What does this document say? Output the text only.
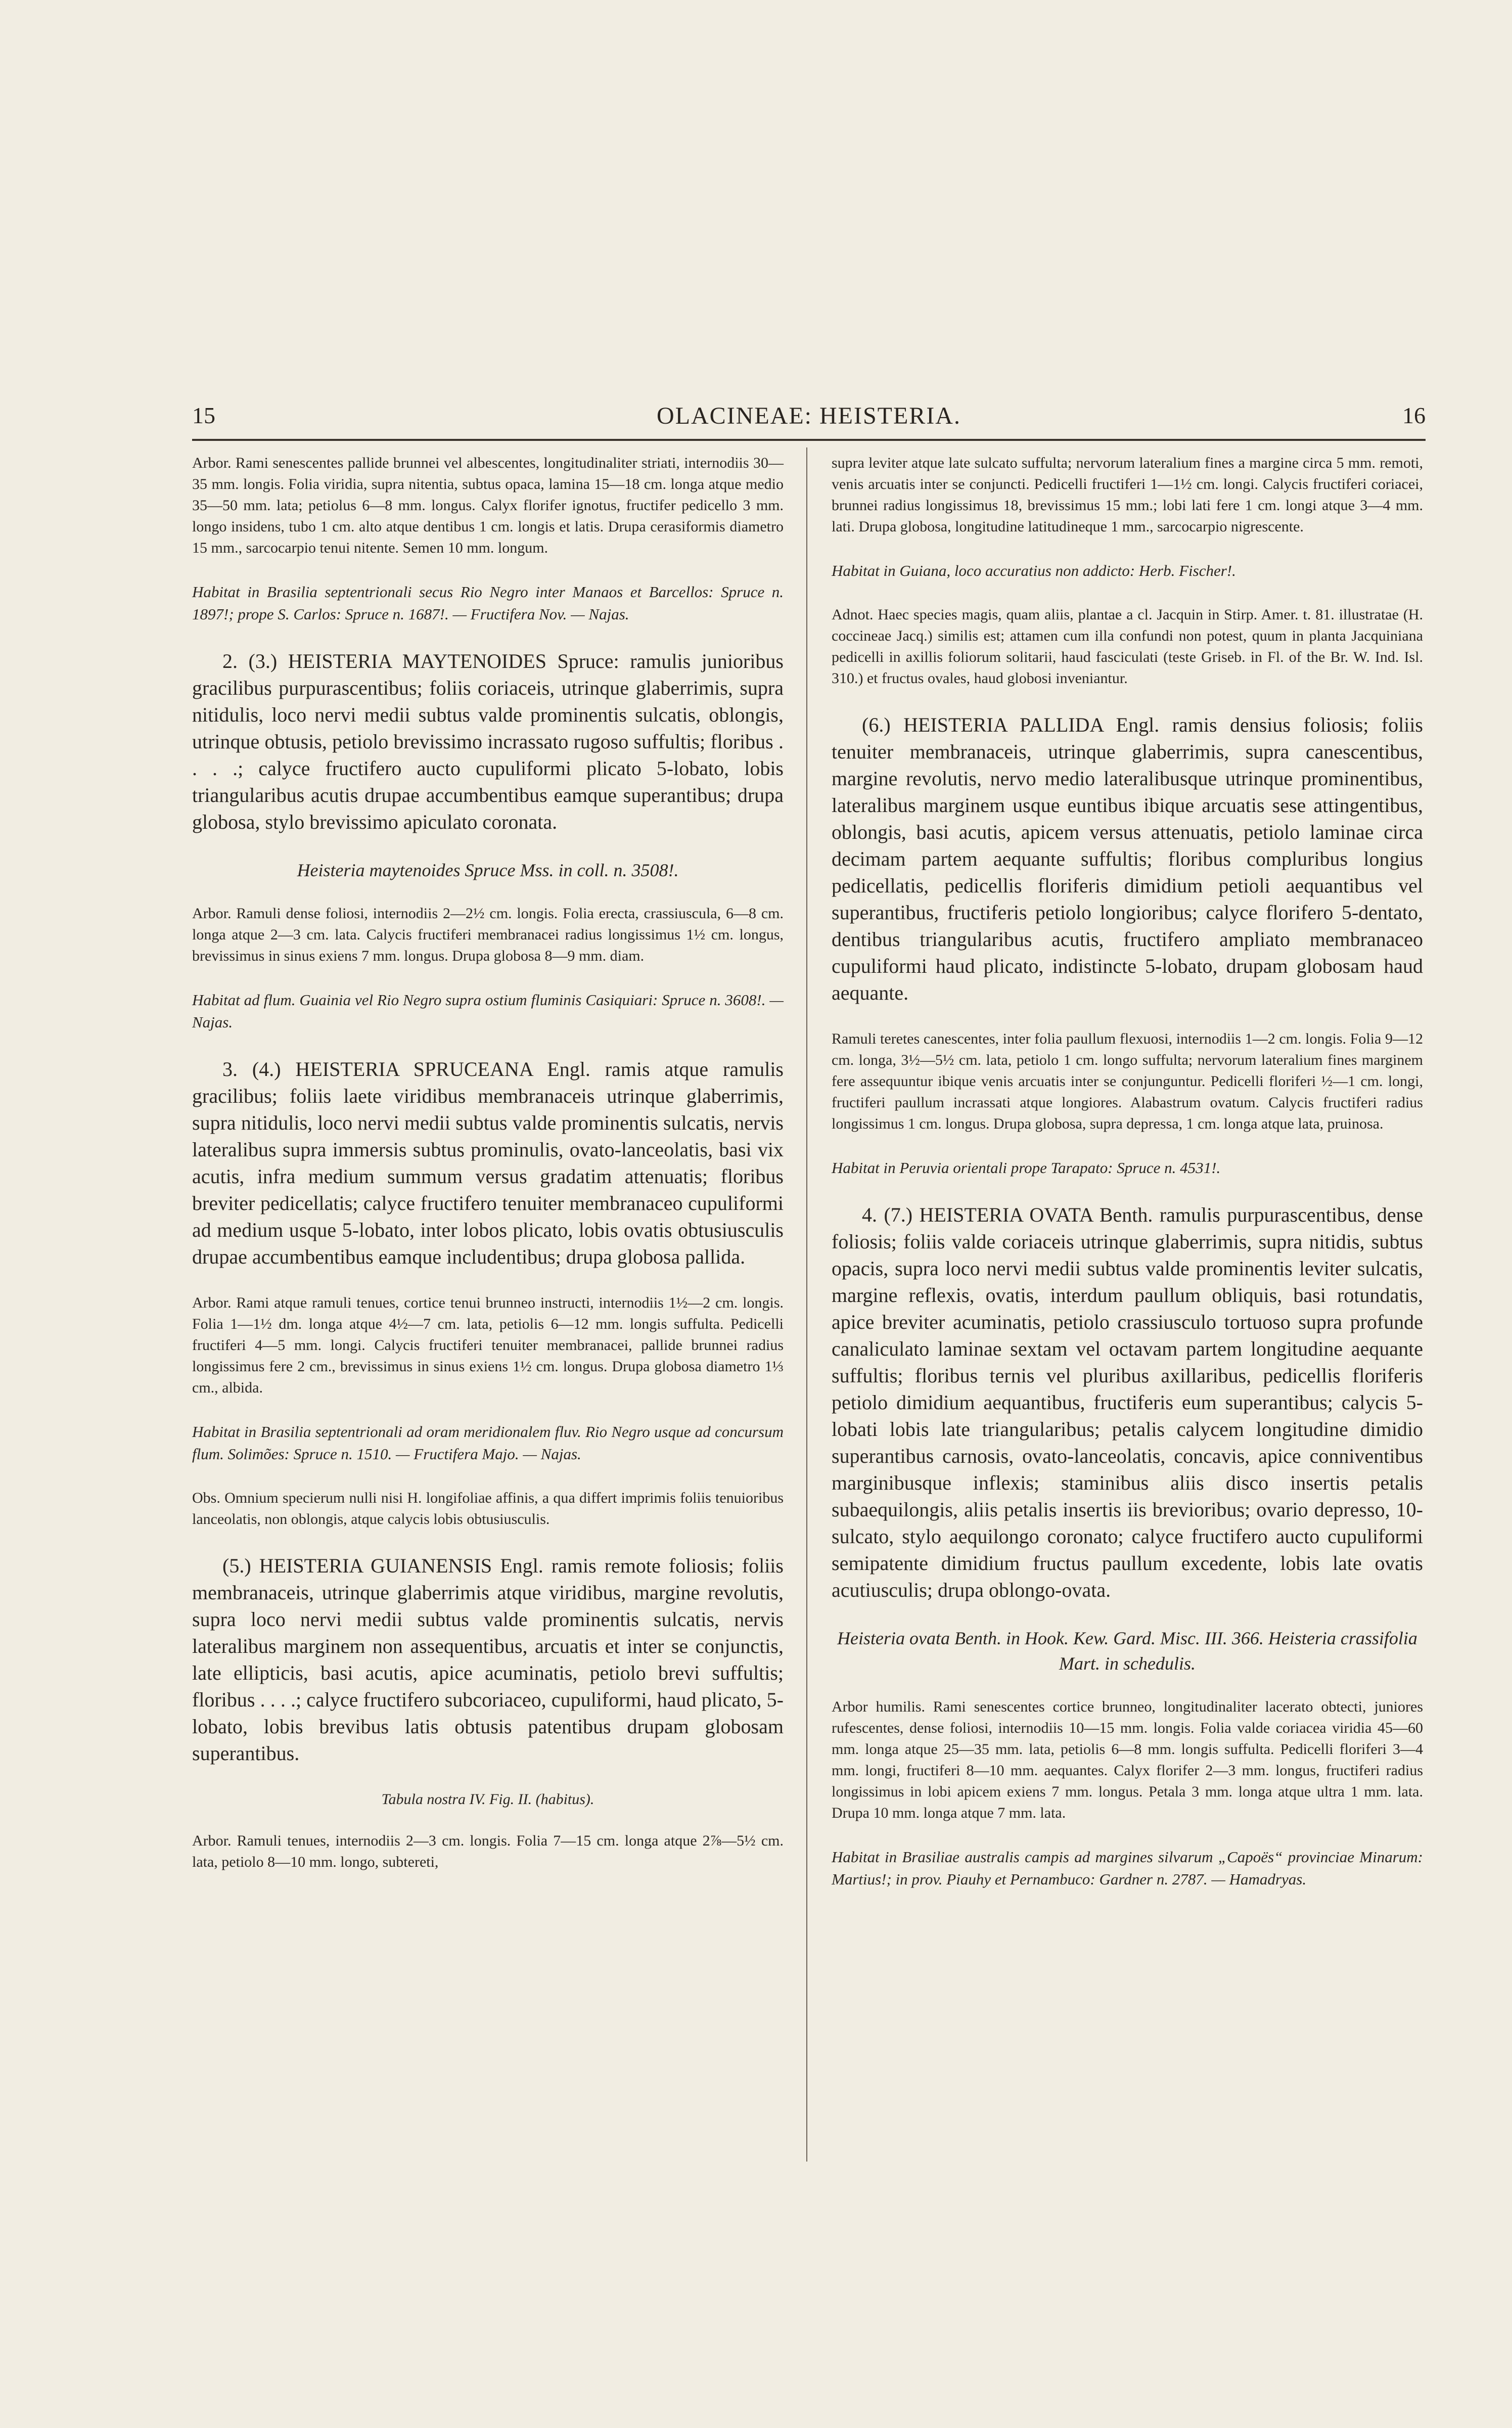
15	OLACINEAE: HEISTERIA.	16

Arbor. Rami senescentes pallide brunnei vel albescentes, longitudinaliter striati, internodiis 30—35 mm. longis. Folia viridia, supra nitentia, subtus opaca, lamina 15—18 cm. longa atque medio 35—50 mm. lata; petiolus 6—8 mm. longus. Calyx florifer ignotus, fructifer pedicello 3 mm. longo insidens, tubo 1 cm. alto atque dentibus 1 cm. longis et latis. Drupa cerasiformis diametro 15 mm., sarcocarpio tenui nitente. Semen 10 mm. longum.

Habitat in Brasilia septentrionali secus Rio Negro inter Manaos et Barcellos: Spruce n. 1897!; prope S. Carlos: Spruce n. 1687!. — Fructifera Nov. — Najas.

2. (3.) HEISTERIA MAYTENOIDES Spruce: ramulis junioribus gracilibus purpurascentibus; foliis coriaceis, utrinque glaberrimis, supra nitidulis, loco nervi medii subtus valde prominentis sulcatis, oblongis, utrinque obtusis, petiolo brevissimo incrassato rugoso suffultis; floribus . . . .; calyce fructifero aucto cupuliformi plicato 5-lobato, lobis triangularibus acutis drupae accumbentibus eamque superantibus; drupa globosa, stylo brevissimo apiculato coronata.

Heisteria maytenoides Spruce Mss. in coll. n. 3508!.

Arbor. Ramuli dense foliosi, internodiis 2—2½ cm. longis. Folia erecta, crassiuscula, 6—8 cm. longa atque 2—3 cm. lata. Calycis fructiferi membranacei radius longissimus 1½ cm. longus, brevissimus in sinus exiens 7 mm. longus. Drupa globosa 8—9 mm. diam.

Habitat ad flum. Guainia vel Rio Negro supra ostium fluminis Casiquiari: Spruce n. 3608!. — Najas.

3. (4.) HEISTERIA SPRUCEANA Engl. ramis atque ramulis gracilibus; foliis laete viridibus membranaceis utrinque glaberrimis, supra nitidulis, loco nervi medii subtus valde prominentis sulcatis, nervis lateralibus supra immersis subtus prominulis, ovato-lanceolatis, basi vix acutis, infra medium summum versus gradatim attenuatis; floribus breviter pedicellatis; calyce fructifero tenuiter membranaceo cupuliformi ad medium usque 5-lobato, inter lobos plicato, lobis ovatis obtusiusculis drupae accumbentibus eamque includentibus; drupa globosa pallida.

Arbor. Rami atque ramuli tenues, cortice tenui brunneo instructi, internodiis 1½—2 cm. longis. Folia 1—1½ dm. longa atque 4½—7 cm. lata, petiolis 6—12 mm. longis suffulta. Pedicelli fructiferi 4—5 mm. longi. Calycis fructiferi tenuiter membranacei, pallide brunnei radius longissimus fere 2 cm., brevissimus in sinus exiens 1½ cm. longus. Drupa globosa diametro 1⅓ cm., albida.

Habitat in Brasilia septentrionali ad oram meridionalem fluv. Rio Negro usque ad concursum flum. Solimões: Spruce n. 1510. — Fructifera Majo. — Najas.

Obs. Omnium specierum nulli nisi H. longifoliae affinis, a qua differt imprimis foliis tenuioribus lanceolatis, non oblongis, atque calycis lobis obtusiusculis.

(5.) HEISTERIA GUIANENSIS Engl. ramis remote foliosis; foliis membranaceis, utrinque glaberrimis atque viridibus, margine revolutis, supra loco nervi medii subtus valde prominentis sulcatis, nervis lateralibus marginem non assequentibus, arcuatis et inter se conjunctis, late ellipticis, basi acutis, apice acuminatis, petiolo brevi suffultis; floribus . . . .; calyce fructifero subcoriaceo, cupuliformi, haud plicato, 5-lobato, lobis brevibus latis obtusis patentibus drupam globosam superantibus.

Tabula nostra IV. Fig. II. (habitus).

Arbor. Ramuli tenues, internodiis 2—3 cm. longis. Folia 7—15 cm. longa atque 2⅞—5½ cm. lata, petiolo 8—10 mm. longo, subtereti,

supra leviter atque late sulcato suffulta; nervorum lateralium fines a margine circa 5 mm. remoti, venis arcuatis inter se conjuncti. Pedicelli fructiferi 1—1½ cm. longi. Calycis fructiferi coriacei, brunnei radius longissimus 18, brevissimus 15 mm.; lobi lati fere 1 cm. longi atque 3—4 mm. lati. Drupa globosa, longitudine latitudineque 1 mm., sarcocarpio nigrescente.

Habitat in Guiana, loco accuratius non addicto: Herb. Fischer!.

Adnot. Haec species magis, quam aliis, plantae a cl. Jacquin in Stirp. Amer. t. 81. illustratae (H. coccineae Jacq.) similis est; attamen cum illa confundi non potest, quum in planta Jacquiniana pedicelli in axillis foliorum solitarii, haud fasciculati (teste Griseb. in Fl. of the Br. W. Ind. Isl. 310.) et fructus ovales, haud globosi inveniantur.

(6.) HEISTERIA PALLIDA Engl. ramis densius foliosis; foliis tenuiter membranaceis, utrinque glaberrimis, supra canescentibus, margine revolutis, nervo medio lateralibusque utrinque prominentibus, lateralibus marginem usque euntibus ibique arcuatis sese attingentibus, oblongis, basi acutis, apicem versus attenuatis, petiolo laminae circa decimam partem aequante suffultis; floribus compluribus longius pedicellatis, pedicellis floriferis dimidium petioli aequantibus vel superantibus, fructiferis petiolo longioribus; calyce florifero 5-dentato, dentibus triangularibus acutis, fructifero ampliato membranaceo cupuliformi haud plicato, indistincte 5-lobato, drupam globosam haud aequante.

Ramuli teretes canescentes, inter folia paullum flexuosi, internodiis 1—2 cm. longis. Folia 9—12 cm. longa, 3½—5½ cm. lata, petiolo 1 cm. longo suffulta; nervorum lateralium fines marginem fere assequuntur ibique venis arcuatis inter se conjunguntur. Pedicelli floriferi ½—1 cm. longi, fructiferi paullum incrassati atque longiores. Alabastrum ovatum. Calycis fructiferi radius longissimus 1 cm. longus. Drupa globosa, supra depressa, 1 cm. longa atque lata, pruinosa.

Habitat in Peruvia orientali prope Tarapato: Spruce n. 4531!.

4. (7.) HEISTERIA OVATA Benth. ramulis purpurascentibus, dense foliosis; foliis valde coriaceis utrinque glaberrimis, supra nitidis, subtus opacis, supra loco nervi medii subtus valde prominentis leviter sulcatis, margine reflexis, ovatis, interdum paullum obliquis, basi rotundatis, apice breviter acuminatis, petiolo crassiusculo tortuoso supra profunde canaliculato laminae sextam vel octavam partem longitudine aequante suffultis; floribus ternis vel pluribus axillaribus, pedicellis floriferis petiolo dimidium aequantibus, fructiferis eum superantibus; calycis 5-lobati lobis late triangularibus; petalis calycem longitudine dimidio superantibus carnosis, ovato-lanceolatis, concavis, apice conniventibus marginibusque inflexis; staminibus aliis disco insertis petalis subaequilongis, aliis petalis insertis iis brevioribus; ovario depresso, 10-sulcato, stylo aequilongo coronato; calyce fructifero aucto cupuliformi semipatente dimidium fructus paullum excedente, lobis late ovatis acutiusculis; drupa oblongo-ovata.

Heisteria ovata Benth. in Hook. Kew. Gard. Misc. III. 366. Heisteria crassifolia Mart. in schedulis.

Arbor humilis. Rami senescentes cortice brunneo, longitudinaliter lacerato obtecti, juniores rufescentes, dense foliosi, internodiis 10—15 mm. longis. Folia valde coriacea viridia 45—60 mm. longa atque 25—35 mm. lata, petiolis 6—8 mm. longis suffulta. Pedicelli floriferi 3—4 mm. longi, fructiferi 8—10 mm. aequantes. Calyx florifer 2—3 mm. longus, fructiferi radius longissimus in lobi apicem exiens 7 mm. longus. Petala 3 mm. longa atque ultra 1 mm. lata. Drupa 10 mm. longa atque 7 mm. lata.

Habitat in Brasiliae australis campis ad margines silvarum „Capoës“ provinciae Minarum: Martius!; in prov. Piauhy et Pernambuco: Gardner n. 2787. — Hamadryas.
